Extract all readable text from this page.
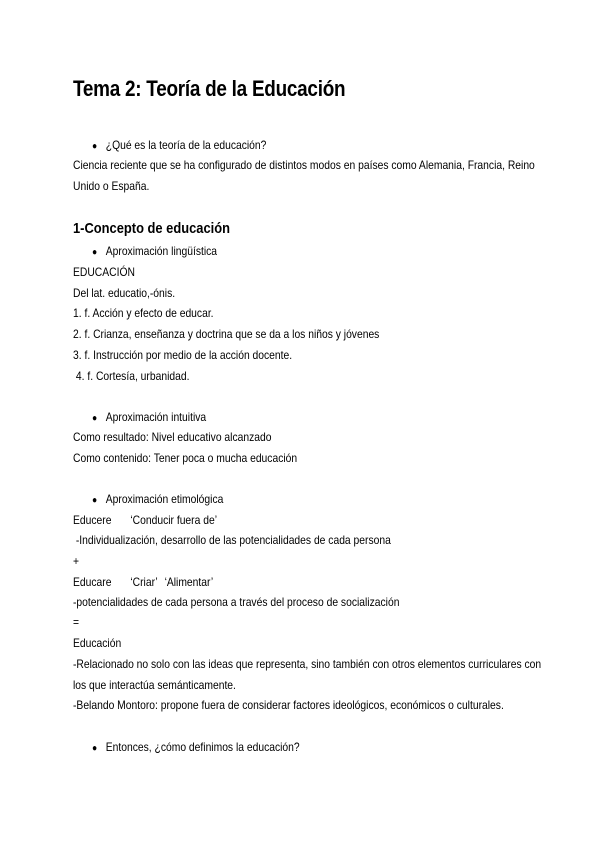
Tema 2: Teoría de la Educación
● ¿Qué es la teoría de la educación?
Ciencia reciente que se ha configurado de distintos modos en países como Alemania, Francia, Reino
Unido o España.
1-Concepto de educación
● Aproximación lingüística
EDUCACIÓN
Del lat. educatio,-ónis.
1. f. Acción y efecto de educar.
2. f. Crianza, enseñanza y doctrina que se da a los niños y jóvenes
3. f. Instrucción por medio de la acción docente.
4. f. Cortesía, urbanidad.
● Aproximación intuitiva
Como resultado: Nivel educativo alcanzado
Como contenido: Tener poca o mucha educación
● Aproximación etimológica
Educere ‘Conducir fuera de’
-Individualización, desarrollo de las potencialidades de cada persona
+
Educare ‘Criar’ ‘Alimentar’
-potencialidades de cada persona a través del proceso de socialización
=
Educación
-Relacionado no solo con las ideas que representa, sino también con otros elementos curriculares con
los que interactúa semánticamente.
-Belando Montoro: propone fuera de considerar factores ideológicos, económicos o culturales.
● Entonces, ¿cómo definimos la educación?
